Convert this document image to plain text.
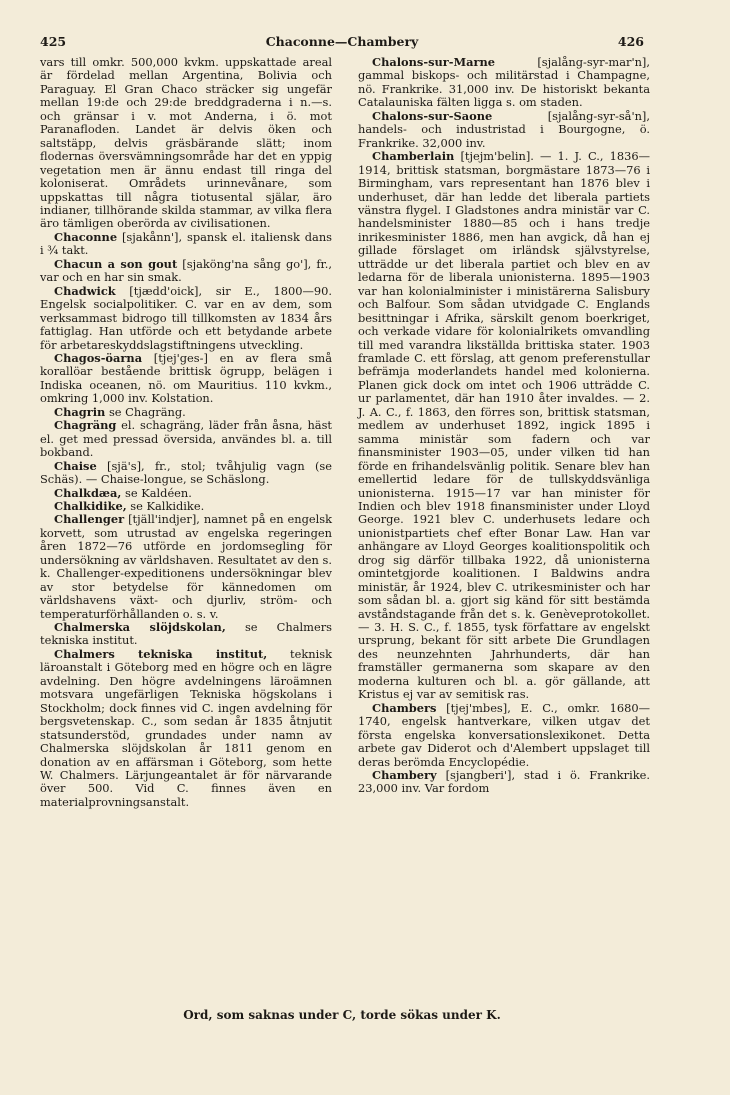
425	Chaconne—Chambery	426

vars till omkr. 500,000 kvkm. uppskattade areal är fördelad mellan Argentina, Bolivia och Paraguay. El Gran Chaco sträcker sig ungefär mellan 19:de och 29:de breddgraderna i n.—s. och gränsar i v. mot Anderna, i ö. mot Paranafloden. Landet är delvis öken och saltstäpp, delvis gräsbärande slätt; inom flodernas översvämningsområde har det en yppig vegetation men är ännu endast till ringa del koloniserat. Områdets urinnevånare, som uppskattas till några tiotusental själar, äro indianer, tillhörande skilda stammar, av vilka flera äro tämligen oberörda av civilisationen.

Chaconne [sjakånn'], spansk el. italiensk dans i ¾ takt.

Chacun a son gout [sjaköng'na sång go'], fr., var och en har sin smak.

Chadwick [tjædd'oick], sir E., 1800—90. Engelsk socialpolitiker. C. var en av dem, som verksammast bidrogo till tillkomsten av 1834 års fattiglag. Han utförde och ett betydande arbete för arbetareskyddslagstiftningens utveckling.

Chagos-öarna [tjej'ges-] en av flera små korallöar bestående brittisk ögrupp, belägen i Indiska oceanen, nö. om Mauritius. 110 kvkm., omkring 1,000 inv. Kolstation.

Chagrin se Chagräng.

Chagräng el. schagräng, läder från åsna, häst el. get med pressad översida, användes bl. a. till bokband.

Chaise [sjä's], fr., stol; tvåhjulig vagn (se Schäs). — Chaise-longue, se Schäslong.

Chalkdæa, se Kaldéen.

Chalkidike, se Kalkidike.

Challenger [tjäll'indjer], namnet på en engelsk korvett, som utrustad av engelska regeringen åren 1872—76 utförde en jordomsegling för undersökning av världshaven. Resultatet av den s. k. Challenger-expeditionens undersökningar blev av stor betydelse för kännedomen om världshavens växt- och djurliv, ström- och temperaturförhållanden o. s. v.

Chalmerska slöjdskolan, se Chalmers tekniska institut.

Chalmers tekniska institut, teknisk läroanstalt i Göteborg med en högre och en lägre avdelning. Den högre avdelningens läroämnen motsvara ungefärligen Tekniska högskolans i Stockholm; dock finnes vid C. ingen avdelning för bergsvetenskap. C., som sedan år 1835 åtnjutit statsunderstöd, grundades under namn av Chalmerska slöjdskolan år 1811 genom en donation av en affärsman i Göteborg, som hette W. Chalmers. Lärjungeantalet är för närvarande över 500. Vid C. finnes även en materialprovningsanstalt.

Chalons-sur-Marne	[sjalång-syr-mar'n], gammal biskops- och militärstad i Champagne, nö. Frankrike. 31,000 inv. De historiskt bekanta Catalauniska fälten ligga s. om staden.

Chalons-sur-Saone	[sjalång-syr-så'n], handels- och industristad i Bourgogne, ö. Frankrike. 32,000 inv.

Chamberlain [tjejm'belin]. — 1. J. C., 1836—1914, brittisk statsman, borgmästare 1873—76 i Birmingham, vars representant han 1876 blev i underhuset, där han ledde det liberala partiets vänstra flygel. I Gladstones andra ministär var C. handelsminister 1880—85 och i hans tredje inrikesminister 1886, men han avgick, då han ej gillade förslaget om irländsk självstyrelse, utträdde ur det liberala partiet och blev en av ledarna för de liberala unionisterna. 1895—1903 var han kolonialminister i ministärerna Salisbury och Balfour. Som sådan utvidgade C. Englands besittningar i Afrika, särskilt genom boerkriget, och verkade vidare för kolonialrikets omvandling till med varandra likställda brittiska stater. 1903 framlade C. ett förslag, att genom preferenstullar befrämja moderlandets handel med kolonierna. Planen gick dock om intet och 1906 utträdde C. ur parlamentet, där han 1910 åter invaldes. — 2. J. A. C., f. 1863, den förres son, brittisk statsman, medlem av underhuset 1892, ingick 1895 i samma ministär som fadern och var finansminister 1903—05, under vilken tid han förde en frihandelsvänlig politik. Senare blev han emellertid ledare för de tullskyddsvänliga unionisterna. 1915—17 var han minister för Indien och blev 1918 finansminister under Lloyd George. 1921 blev C. underhusets ledare och unionistpartiets chef efter Bonar Law. Han var anhängare av Lloyd Georges koalitionspolitik och drog sig därför tillbaka 1922, då unionisterna omintetgjorde koalitionen. I Baldwins andra ministär, år 1924, blev C. utrikesminister och har som sådan bl. a. gjort sig känd för sitt bestämda avståndstagande från det s. k. Genèveprotokollet. — 3. H. S. C., f. 1855, tysk författare av engelskt ursprung, bekant för sitt arbete Die Grundlagen des neunzehnten Jahrhunderts, där han framställer germanerna som skapare av den moderna kulturen och bl. a. gör gällande, att Kristus ej var av semitisk ras.

Chambers [tjej'mbes], E. C., omkr. 1680—1740, engelsk hantverkare, vilken utgav det första engelska konversationslexikonet. Detta arbete gav Diderot och d'Alembert uppslaget till deras berömda Encyclopédie.

Chambery [sjangberi'], stad i ö. Frankrike. 23,000 inv. Var fordom

Ord, som saknas under C, torde sökas under K.
